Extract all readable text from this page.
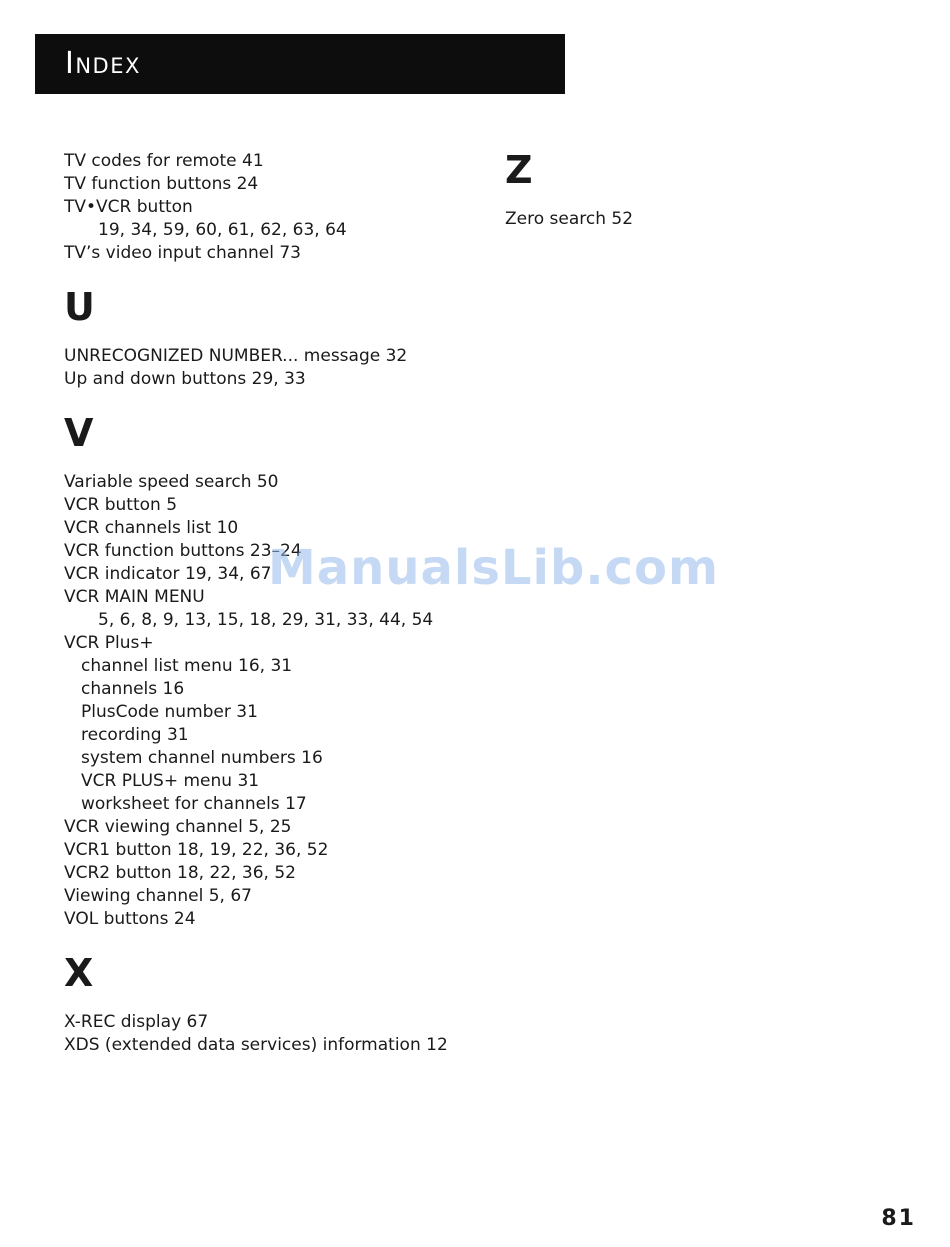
Index
TV codes for remote 41
TV function buttons 24
TV•VCR button
19, 34, 59, 60, 61, 62, 63, 64
TV’s video input channel 73
U
UNRECOGNIZED NUMBER... message 32
Up and down buttons 29, 33
V
Variable speed search 50
VCR button 5
VCR channels list 10
VCR function buttons 23–24
VCR indicator 19, 34, 67
VCR MAIN MENU
5, 6, 8, 9, 13, 15, 18, 29, 31, 33, 44, 54
VCR Plus+
channel list menu 16, 31
channels 16
PlusCode number 31
recording 31
system channel numbers 16
VCR PLUS+ menu 31
worksheet for channels 17
VCR viewing channel 5, 25
VCR1 button 18, 19, 22, 36, 52
VCR2 button 18, 22, 36, 52
Viewing channel 5, 67
VOL buttons 24
X
X-REC display 67
XDS (extended data services) information 12
Z
Zero search 52
ManualsLib.com
81
